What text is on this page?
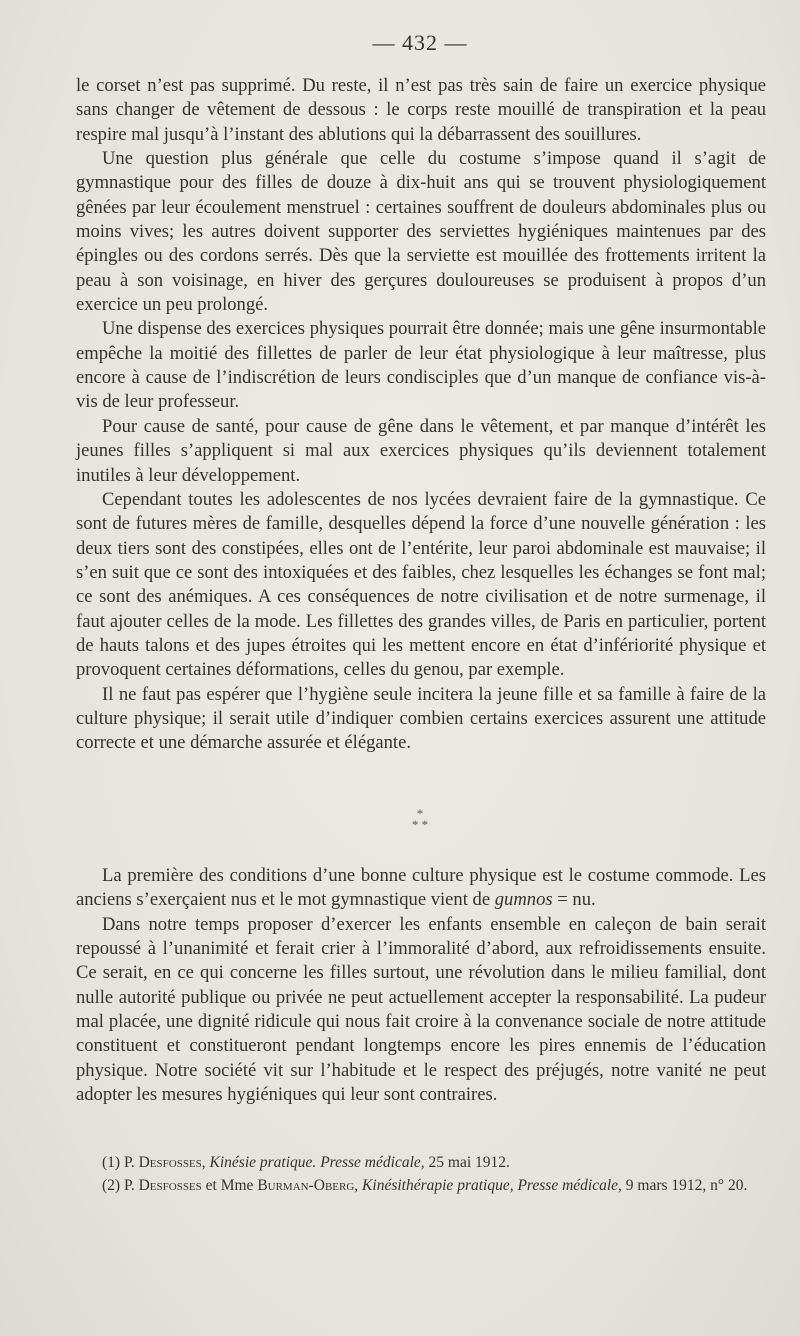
— 432 —

le corset n’est pas supprimé. Du reste, il n’est pas très sain de faire un exercice physique sans changer de vêtement de dessous : le corps reste mouillé de transpiration et la peau respire mal jusqu’à l’instant des ablutions qui la débarrassent des souillures.

Une question plus générale que celle du costume s’impose quand il s’agit de gymnastique pour des filles de douze à dix-huit ans qui se trouvent physiologiquement gênées par leur écoulement menstruel : certaines souffrent de douleurs abdominales plus ou moins vives; les autres doivent supporter des serviettes hygiéniques maintenues par des épingles ou des cordons serrés. Dès que la serviette est mouillée des frottements irritent la peau à son voisinage, en hiver des gerçures douloureuses se produisent à propos d’un exercice un peu prolongé.

Une dispense des exercices physiques pourrait être donnée; mais une gêne insurmontable empêche la moitié des fillettes de parler de leur état physiologique à leur maîtresse, plus encore à cause de l’indiscrétion de leurs condisciples que d’un manque de confiance vis-à-vis de leur professeur.

Pour cause de santé, pour cause de gêne dans le vêtement, et par manque d’intérêt les jeunes filles s’appliquent si mal aux exercices physiques qu’ils deviennent totalement inutiles à leur développement.

Cependant toutes les adolescentes de nos lycées devraient faire de la gymnastique. Ce sont de futures mères de famille, desquelles dépend la force d’une nouvelle génération : les deux tiers sont des constipées, elles ont de l’entérite, leur paroi abdominale est mauvaise; il s’en suit que ce sont des intoxiquées et des faibles, chez lesquelles les échanges se font mal; ce sont des anémiques. A ces conséquences de notre civilisation et de notre surmenage, il faut ajouter celles de la mode. Les fillettes des grandes villes, de Paris en particulier, portent de hauts talons et des jupes étroites qui les mettent encore en état d’infériorité physique et provoquent certaines déformations, celles du genou, par exemple.

Il ne faut pas espérer que l’hygiène seule incitera la jeune fille et sa famille à faire de la culture physique; il serait utile d’indiquer combien certains exercices assurent une attitude correcte et une démarche assurée et élégante.

*
* *

La première des conditions d’une bonne culture physique est le costume commode. Les anciens s’exerçaient nus et le mot gymnastique vient de gumnos = nu.

Dans notre temps proposer d’exercer les enfants ensemble en caleçon de bain serait repoussé à l’unanimité et ferait crier à l’immoralité d’abord, aux refroidissements ensuite. Ce serait, en ce qui concerne les filles surtout, une révolution dans le milieu familial, dont nulle autorité publique ou privée ne peut actuellement accepter la responsabilité. La pudeur mal placée, une dignité ridicule qui nous fait croire à la convenance sociale de notre attitude constituent et constitueront pendant longtemps encore les pires ennemis de l’éducation physique. Notre société vit sur l’habitude et le respect des préjugés, notre vanité ne peut adopter les mesures hygiéniques qui leur sont contraires.

(1) P. Desfosses, Kinésie pratique. Presse médicale, 25 mai 1912.

(2) P. Desfosses et Mme Burman-Oberg, Kinésithérapie pratique, Presse médicale, 9 mars 1912, n° 20.
